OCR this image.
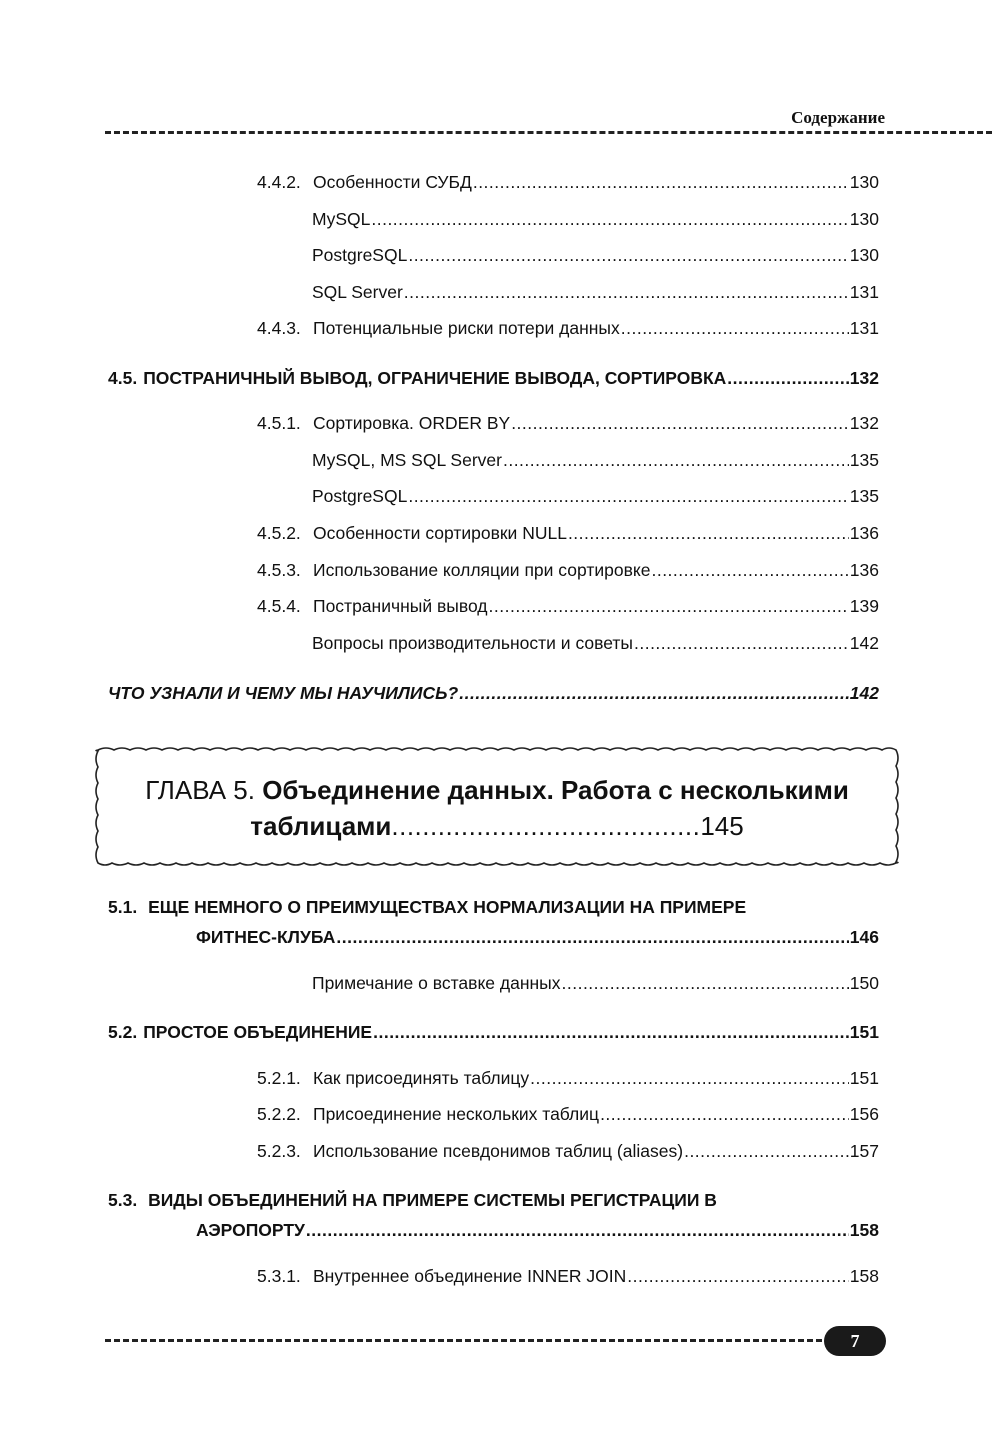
Содержание
4.4.2. Особенности СУБД .....	130
MySQL .....	130
PostgreSQL .....	130
SQL Server .....	131
4.4.3. Потенциальные риски потери данных .....	131
4.5. ПОСТРАНИЧНЫЙ ВЫВОД, ОГРАНИЧЕНИЕ ВЫВОДА, СОРТИРОВКА .....	132
4.5.1. Сортировка. ORDER BY .....	132
MySQL, MS SQL Server .....	135
PostgreSQL .....	135
4.5.2. Особенности сортировки NULL .....	136
4.5.3. Использование колляции при сортировке .....	136
4.5.4. Постраничный вывод .....	139
Вопросы производительности и советы .....	142
ЧТО УЗНАЛИ И ЧЕМУ МЫ НАУЧИЛИСЬ? .....	142
ГЛАВА 5. Объединение данных. Работа с несколькими
таблицами........................................145
5.1. ЕЩЕ НЕМНОГО О ПРЕИМУЩЕСТВАХ НОРМАЛИЗАЦИИ НА ПРИМЕРЕ
ФИТНЕС-КЛУБА .....	146
Примечание о вставке данных .....	150
5.2. ПРОСТОЕ ОБЪЕДИНЕНИЕ .....	151
5.2.1. Как присоединять таблицу .....	151
5.2.2. Присоединение нескольких таблиц .....	156
5.2.3. Использование псевдонимов таблиц (aliases) .....	157
5.3. ВИДЫ ОБЪЕДИНЕНИЙ НА ПРИМЕРЕ СИСТЕМЫ РЕГИСТРАЦИИ В
АЭРОПОРТУ .....	158
5.3.1. Внутреннее объединение INNER JOIN .....	158
7
